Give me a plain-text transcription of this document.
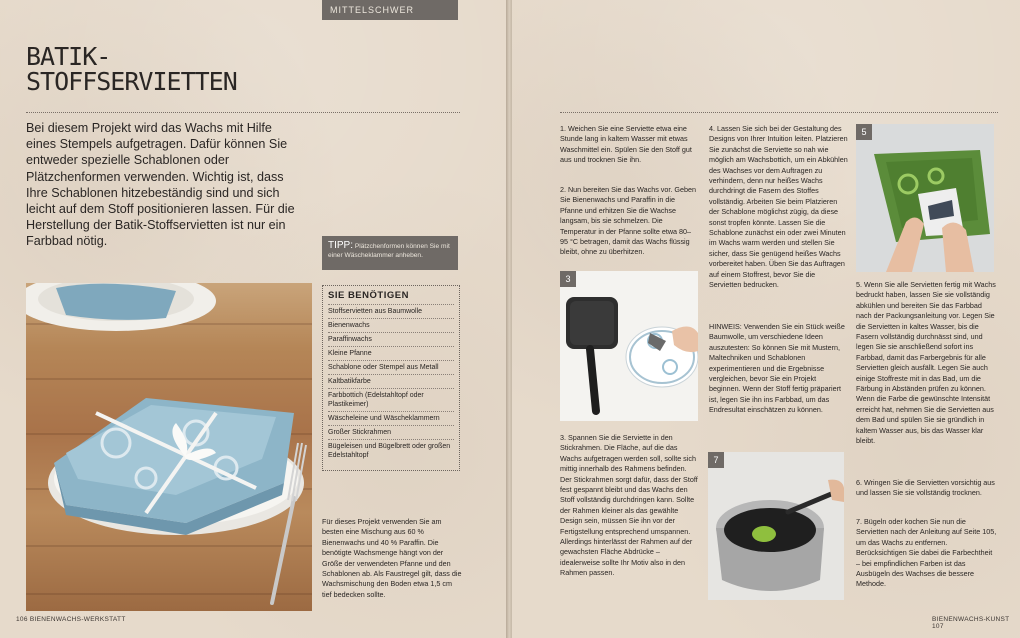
MITTELSCHWER
BATIK-
STOFFSERVIETTEN
Bei diesem Projekt wird das Wachs mit Hilfe eines Stempels aufgetragen. Dafür können Sie entweder spezielle Schablonen oder Plätzchenformen verwenden. Wichtig ist, dass Ihre Schablonen hitzebeständig sind und sich leicht auf dem Stoff positionieren lassen. Für die Herstellung der Batik-Stoffservietten ist nur ein Farbbad nötig.	TIPP: Plätzchenformen können Sie mit einer Wäscheklammer anheben.
SIE BENÖTIGEN
Stoffservietten aus Baumwolle
Bienenwachs
Paraffinwachs
Kleine Pfanne
Schablone oder Stempel aus Metall
Kaltbatikfarbe
Farbbottich (Edelstahltopf oder Plastikeimer)
Wäscheleine und Wäscheklammern
Großer Stickrahmen
Bügeleisen und Bügelbrett oder großen Edelstahltopf
Für dieses Projekt verwenden Sie am besten eine Mischung aus 60 % Bienenwachs und 40 % Paraffin. Die benötigte Wachsmenge hängt von der Größe der verwendeten Pfanne und den Schablonen ab. Als Faustregel gilt, dass die Wachsmischung den Boden etwa 1,5 cm tief bedecken sollte.
106 BIENENWACHS-WERKSTATT
1. Weichen Sie eine Serviette etwa eine Stunde lang in kaltem Wasser mit etwas Waschmittel ein. Spülen Sie den Stoff gut aus und trocknen Sie ihn.
2. Nun bereiten Sie das Wachs vor. Geben Sie Bienenwachs und Paraffin in die Pfanne und erhitzen Sie die Wachse langsam, bis sie schmelzen. Die Temperatur in der Pfanne sollte etwa 80–95 °C betragen, damit das Wachs flüssig bleibt, ohne zu überhitzen.
3
3. Spannen Sie die Serviette in den Stickrahmen. Die Fläche, auf die das Wachs aufgetragen werden soll, sollte sich mittig innerhalb des Rahmens befinden. Der Stickrahmen sorgt dafür, dass der Stoff fest gespannt bleibt und das Wachs den Stoff vollständig durchdringen kann. Sollte der Rahmen kleiner als das gewählte Design sein, müssen Sie ihn vor der Fertigstellung entsprechend umspannen. Allerdings hinterlässt der Rahmen auf der gewachsten Fläche Abdrücke – idealerweise sollte Ihr Motiv also in den Rahmen passen.
4. Lassen Sie sich bei der Gestaltung des Designs von Ihrer Intuition leiten. Platzieren Sie zunächst die Serviette so nah wie möglich am Wachsbottich, um ein Abkühlen des Wachses vor dem Auftragen zu verhindern, denn nur heißes Wachs durchdringt die Fasern des Stoffes vollständig. Arbeiten Sie beim Platzieren der Schablone möglichst zügig, da diese sonst tropfen könnte. Lassen Sie die Schablone zunächst ein oder zwei Minuten im Wachs warm werden und stellen Sie sicher, dass Sie genügend heißes Wachs vorbereitet haben. Üben Sie das Auftragen auf einem Stoffrest, bevor Sie die Servietten bedrucken.
HINWEIS: Verwenden Sie ein Stück weiße Baumwolle, um verschiedene Ideen auszutesten: So können Sie mit Mustern, Maltechniken und Schablonen experimentieren und die Ergebnisse vergleichen, bevor Sie ein Projekt beginnen. Wenn der Stoff fertig präpariert ist, legen Sie ihn ins Farbbad, um das Endresultat einschätzen zu können.
7
5
5. Wenn Sie alle Servietten fertig mit Wachs bedruckt haben, lassen Sie sie vollständig abkühlen und bereiten Sie das Farbbad nach der Packungsanleitung vor. Legen Sie die Servietten in kaltes Wasser, bis die Fasern vollständig durchnässt sind, und legen Sie sie anschließend sofort ins Farbbad, damit das Farbergebnis für alle Servietten gleich ausfällt. Legen Sie auch einige Stoffreste mit in das Bad, um die Färbung in Abständen prüfen zu können. Wenn die Farbe die gewünschte Intensität erreicht hat, nehmen Sie die Servietten aus dem Bad und spülen Sie sie gründlich in kaltem Wasser aus, bis das Wasser klar bleibt.
6. Wringen Sie die Servietten vorsichtig aus und lassen Sie sie vollständig trocknen.
7. Bügeln oder kochen Sie nun die Servietten nach der Anleitung auf Seite 105, um das Wachs zu entfernen. Berücksichtigen Sie dabei die Farbechtheit – bei empfindlichen Farben ist das Ausbügeln des Wachses die bessere Methode.
BIENENWACHS-KUNST 107
